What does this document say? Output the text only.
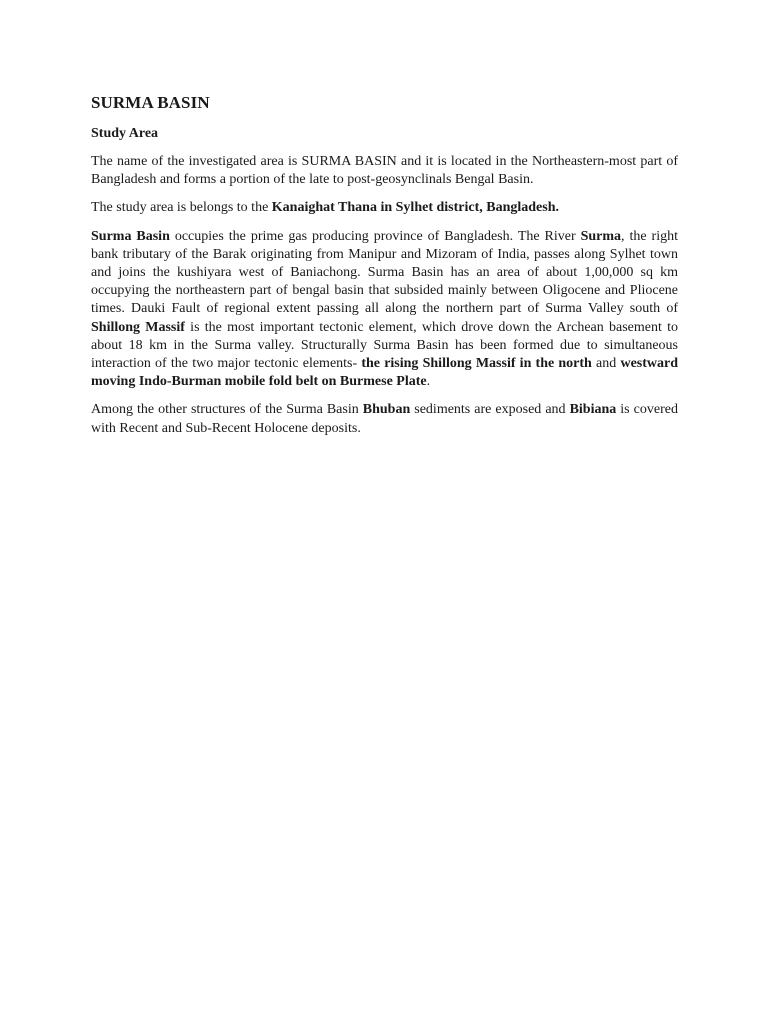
SURMA BASIN
Study Area

The name of the investigated area is SURMA BASIN and it is located in the Northeastern-most part of Bangladesh and forms a portion of the late to post-geosynclinals Bengal Basin.

The study area is belongs to the Kanaighat Thana in Sylhet district, Bangladesh.

Surma Basin occupies the prime gas producing province of Bangladesh. The River Surma, the right bank tributary of the Barak originating from Manipur and Mizoram of India, passes along Sylhet town and joins the kushiyara west of Baniachong. Surma Basin has an area of about 1,00,000 sq km occupying the northeastern part of bengal basin that subsided mainly between Oligocene and Pliocene times. Dauki Fault of regional extent passing all along the northern part of Surma Valley south of Shillong Massif is the most important tectonic element, which drove down the Archean basement to about 18 km in the Surma valley. Structurally Surma Basin has been formed due to simultaneous interaction of the two major tectonic elements- the rising Shillong Massif in the north and westward moving Indo-Burman mobile fold belt on Burmese Plate.

Among the other structures of the Surma Basin Bhuban sediments are exposed and Bibiana is covered with Recent and Sub-Recent Holocene deposits.
